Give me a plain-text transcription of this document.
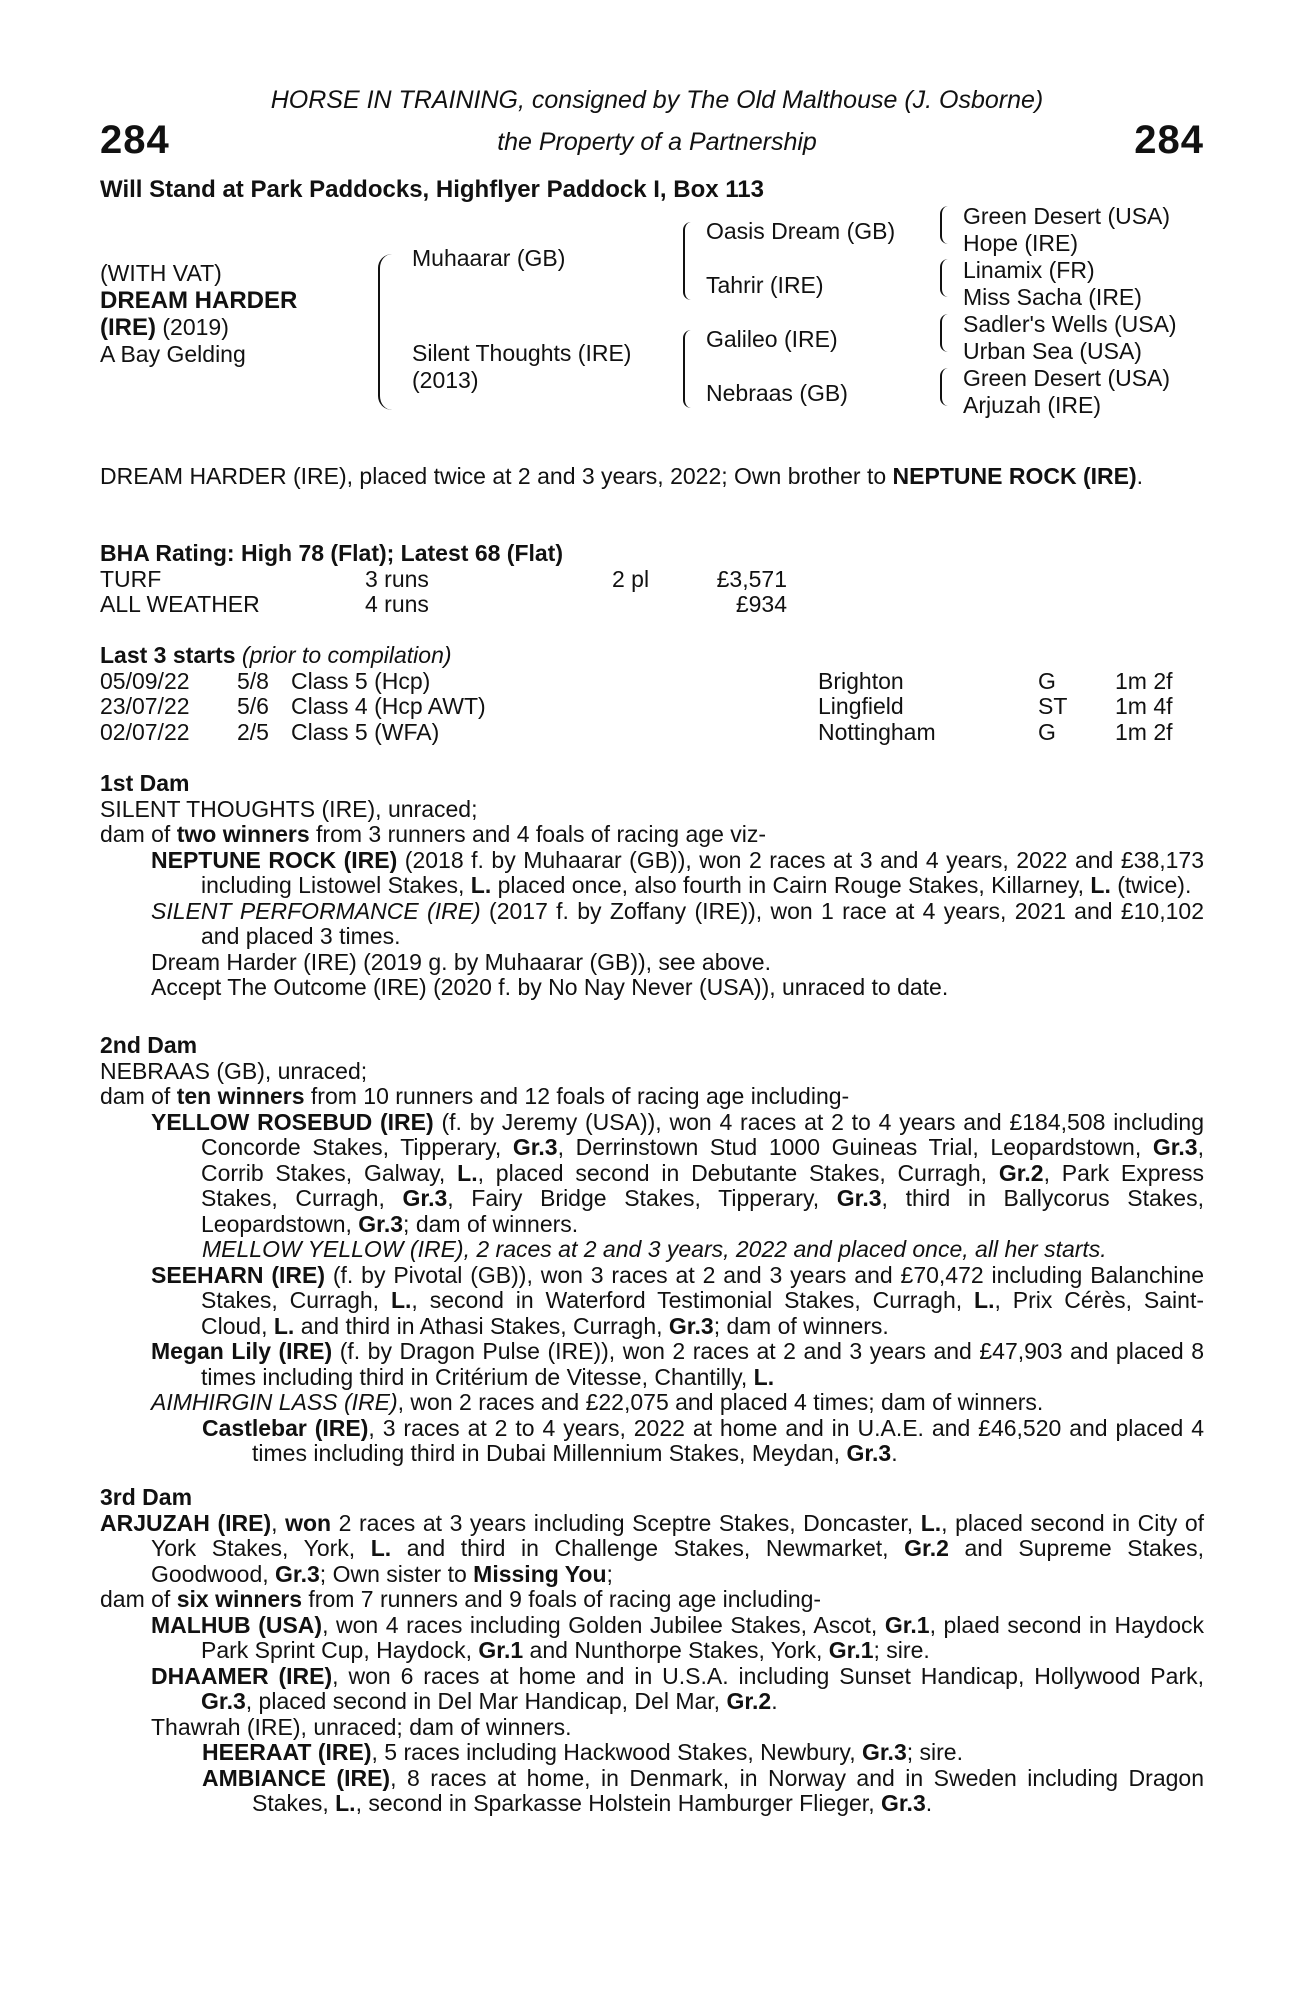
284	284
HORSE IN TRAINING, consigned by The Old Malthouse (J. Osborne)
the Property of a Partnership
Will Stand at Park Paddocks, Highflyer Paddock I, Box 113
(WITH VAT)
DREAM HARDER
(IRE) (2019)
A Bay Gelding
Muhaarar (GB)
Silent Thoughts (IRE)
(2013)
Oasis Dream (GB)
Tahrir (IRE)
Galileo (IRE)
Nebraas (GB)
Green Desert (USA)
Hope (IRE)
Linamix (FR)
Miss Sacha (IRE)
Sadler's Wells (USA)
Urban Sea (USA)
Green Desert (USA)
Arjuzah (IRE)

DREAM HARDER (IRE), placed twice at 2 and 3 years, 2022; Own brother to NEPTUNE ROCK (IRE).

BHA Rating: High 78 (Flat); Latest 68 (Flat)

TURF	3 runs	2 pl	£3,571
ALL WEATHER	4 runs		£934

Last 3 starts (prior to compilation)

05/09/22	5/8	Class 5 (Hcp)	Brighton	G	1m 2f
23/07/22	5/6	Class 4 (Hcp AWT)	Lingfield	ST	1m 4f
02/07/22	2/5	Class 5 (WFA)	Nottingham	G	1m 2f

1st Dam

SILENT THOUGHTS (IRE), unraced;

dam of two winners from 3 runners and 4 foals of racing age viz-

NEPTUNE ROCK (IRE) (2018 f. by Muhaarar (GB)), won 2 races at 3 and 4 years, 2022 and £38,173 including Listowel Stakes, L. placed once, also fourth in Cairn Rouge Stakes, Killarney, L. (twice).

SILENT PERFORMANCE (IRE) (2017 f. by Zoffany (IRE)), won 1 race at 4 years, 2021 and £10,102 and placed 3 times.

Dream Harder (IRE) (2019 g. by Muhaarar (GB)), see above.

Accept The Outcome (IRE) (2020 f. by No Nay Never (USA)), unraced to date.

2nd Dam

NEBRAAS (GB), unraced;

dam of ten winners from 10 runners and 12 foals of racing age including-

YELLOW ROSEBUD (IRE) (f. by Jeremy (USA)), won 4 races at 2 to 4 years and £184,508 including Concorde Stakes, Tipperary, Gr.3, Derrinstown Stud 1000 Guineas Trial, Leopardstown, Gr.3, Corrib Stakes, Galway, L., placed second in Debutante Stakes, Curragh, Gr.2, Park Express Stakes, Curragh, Gr.3, Fairy Bridge Stakes, Tipperary, Gr.3, third in Ballycorus Stakes, Leopardstown, Gr.3; dam of winners.

MELLOW YELLOW (IRE), 2 races at 2 and 3 years, 2022 and placed once, all her starts.

SEEHARN (IRE) (f. by Pivotal (GB)), won 3 races at 2 and 3 years and £70,472 including Balanchine Stakes, Curragh, L., second in Waterford Testimonial Stakes, Curragh, L., Prix Cérès, Saint-Cloud, L. and third in Athasi Stakes, Curragh, Gr.3; dam of winners.

Megan Lily (IRE) (f. by Dragon Pulse (IRE)), won 2 races at 2 and 3 years and £47,903 and placed 8 times including third in Critérium de Vitesse, Chantilly, L.

AIMHIRGIN LASS (IRE), won 2 races and £22,075 and placed 4 times; dam of winners.

Castlebar (IRE), 3 races at 2 to 4 years, 2022 at home and in U.A.E. and £46,520 and placed 4 times including third in Dubai Millennium Stakes, Meydan, Gr.3.

3rd Dam

ARJUZAH (IRE), won 2 races at 3 years including Sceptre Stakes, Doncaster, L., placed second in City of York Stakes, York, L. and third in Challenge Stakes, Newmarket, Gr.2 and Supreme Stakes, Goodwood, Gr.3; Own sister to Missing You;

dam of six winners from 7 runners and 9 foals of racing age including-

MALHUB (USA), won 4 races including Golden Jubilee Stakes, Ascot, Gr.1, plaed second in Haydock Park Sprint Cup, Haydock, Gr.1 and Nunthorpe Stakes, York, Gr.1; sire.

DHAAMER (IRE), won 6 races at home and in U.S.A. including Sunset Handicap, Hollywood Park, Gr.3, placed second in Del Mar Handicap, Del Mar, Gr.2.

Thawrah (IRE), unraced; dam of winners.

HEERAAT (IRE), 5 races including Hackwood Stakes, Newbury, Gr.3; sire.

AMBIANCE (IRE), 8 races at home, in Denmark, in Norway and in Sweden including Dragon Stakes, L., second in Sparkasse Holstein Hamburger Flieger, Gr.3.
